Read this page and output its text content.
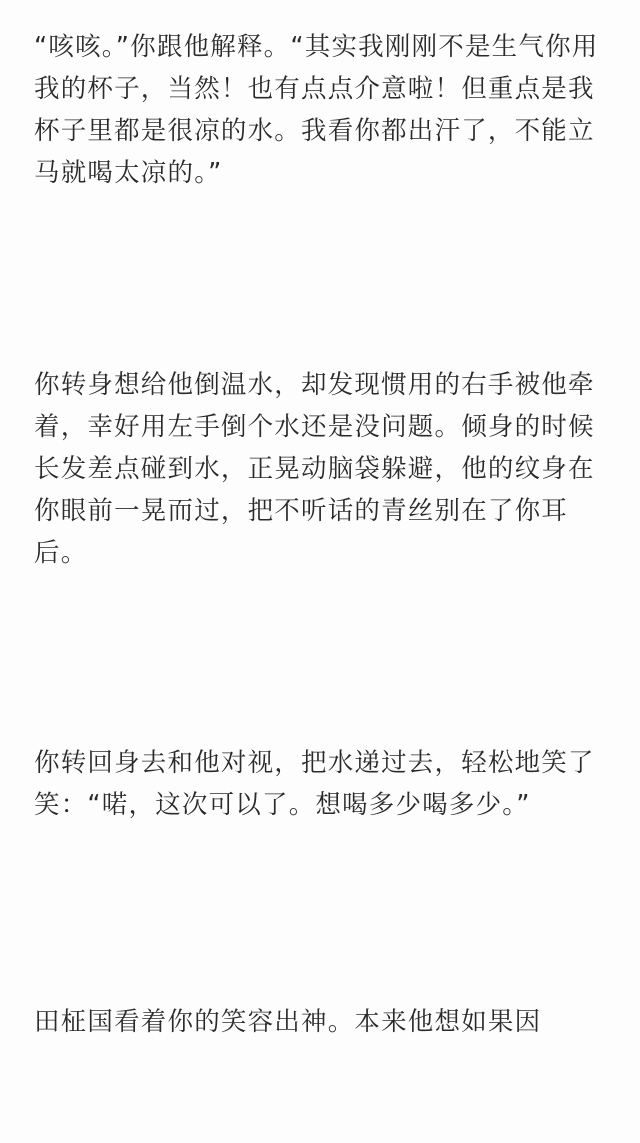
“咳咳。”你跟他解释。“其实我刚刚不是生气你用我的杯子，当然！也有点点介意啦！但重点是我杯子里都是很凉的水。我看你都出汗了，不能立马就喝太凉的。”
你转身想给他倒温水，却发现惯用的右手被他牵着，幸好用左手倒个水还是没问题。倾身的时候长发差点碰到水，正晃动脑袋躲避，他的纹身在你眼前一晃而过，把不听话的青丝别在了你耳后。
你转回身去和他对视，把水递过去，轻松地笑了笑：“喏，这次可以了。想喝多少喝多少。”
田柾国看着你的笑容出神。本来他想如果因
